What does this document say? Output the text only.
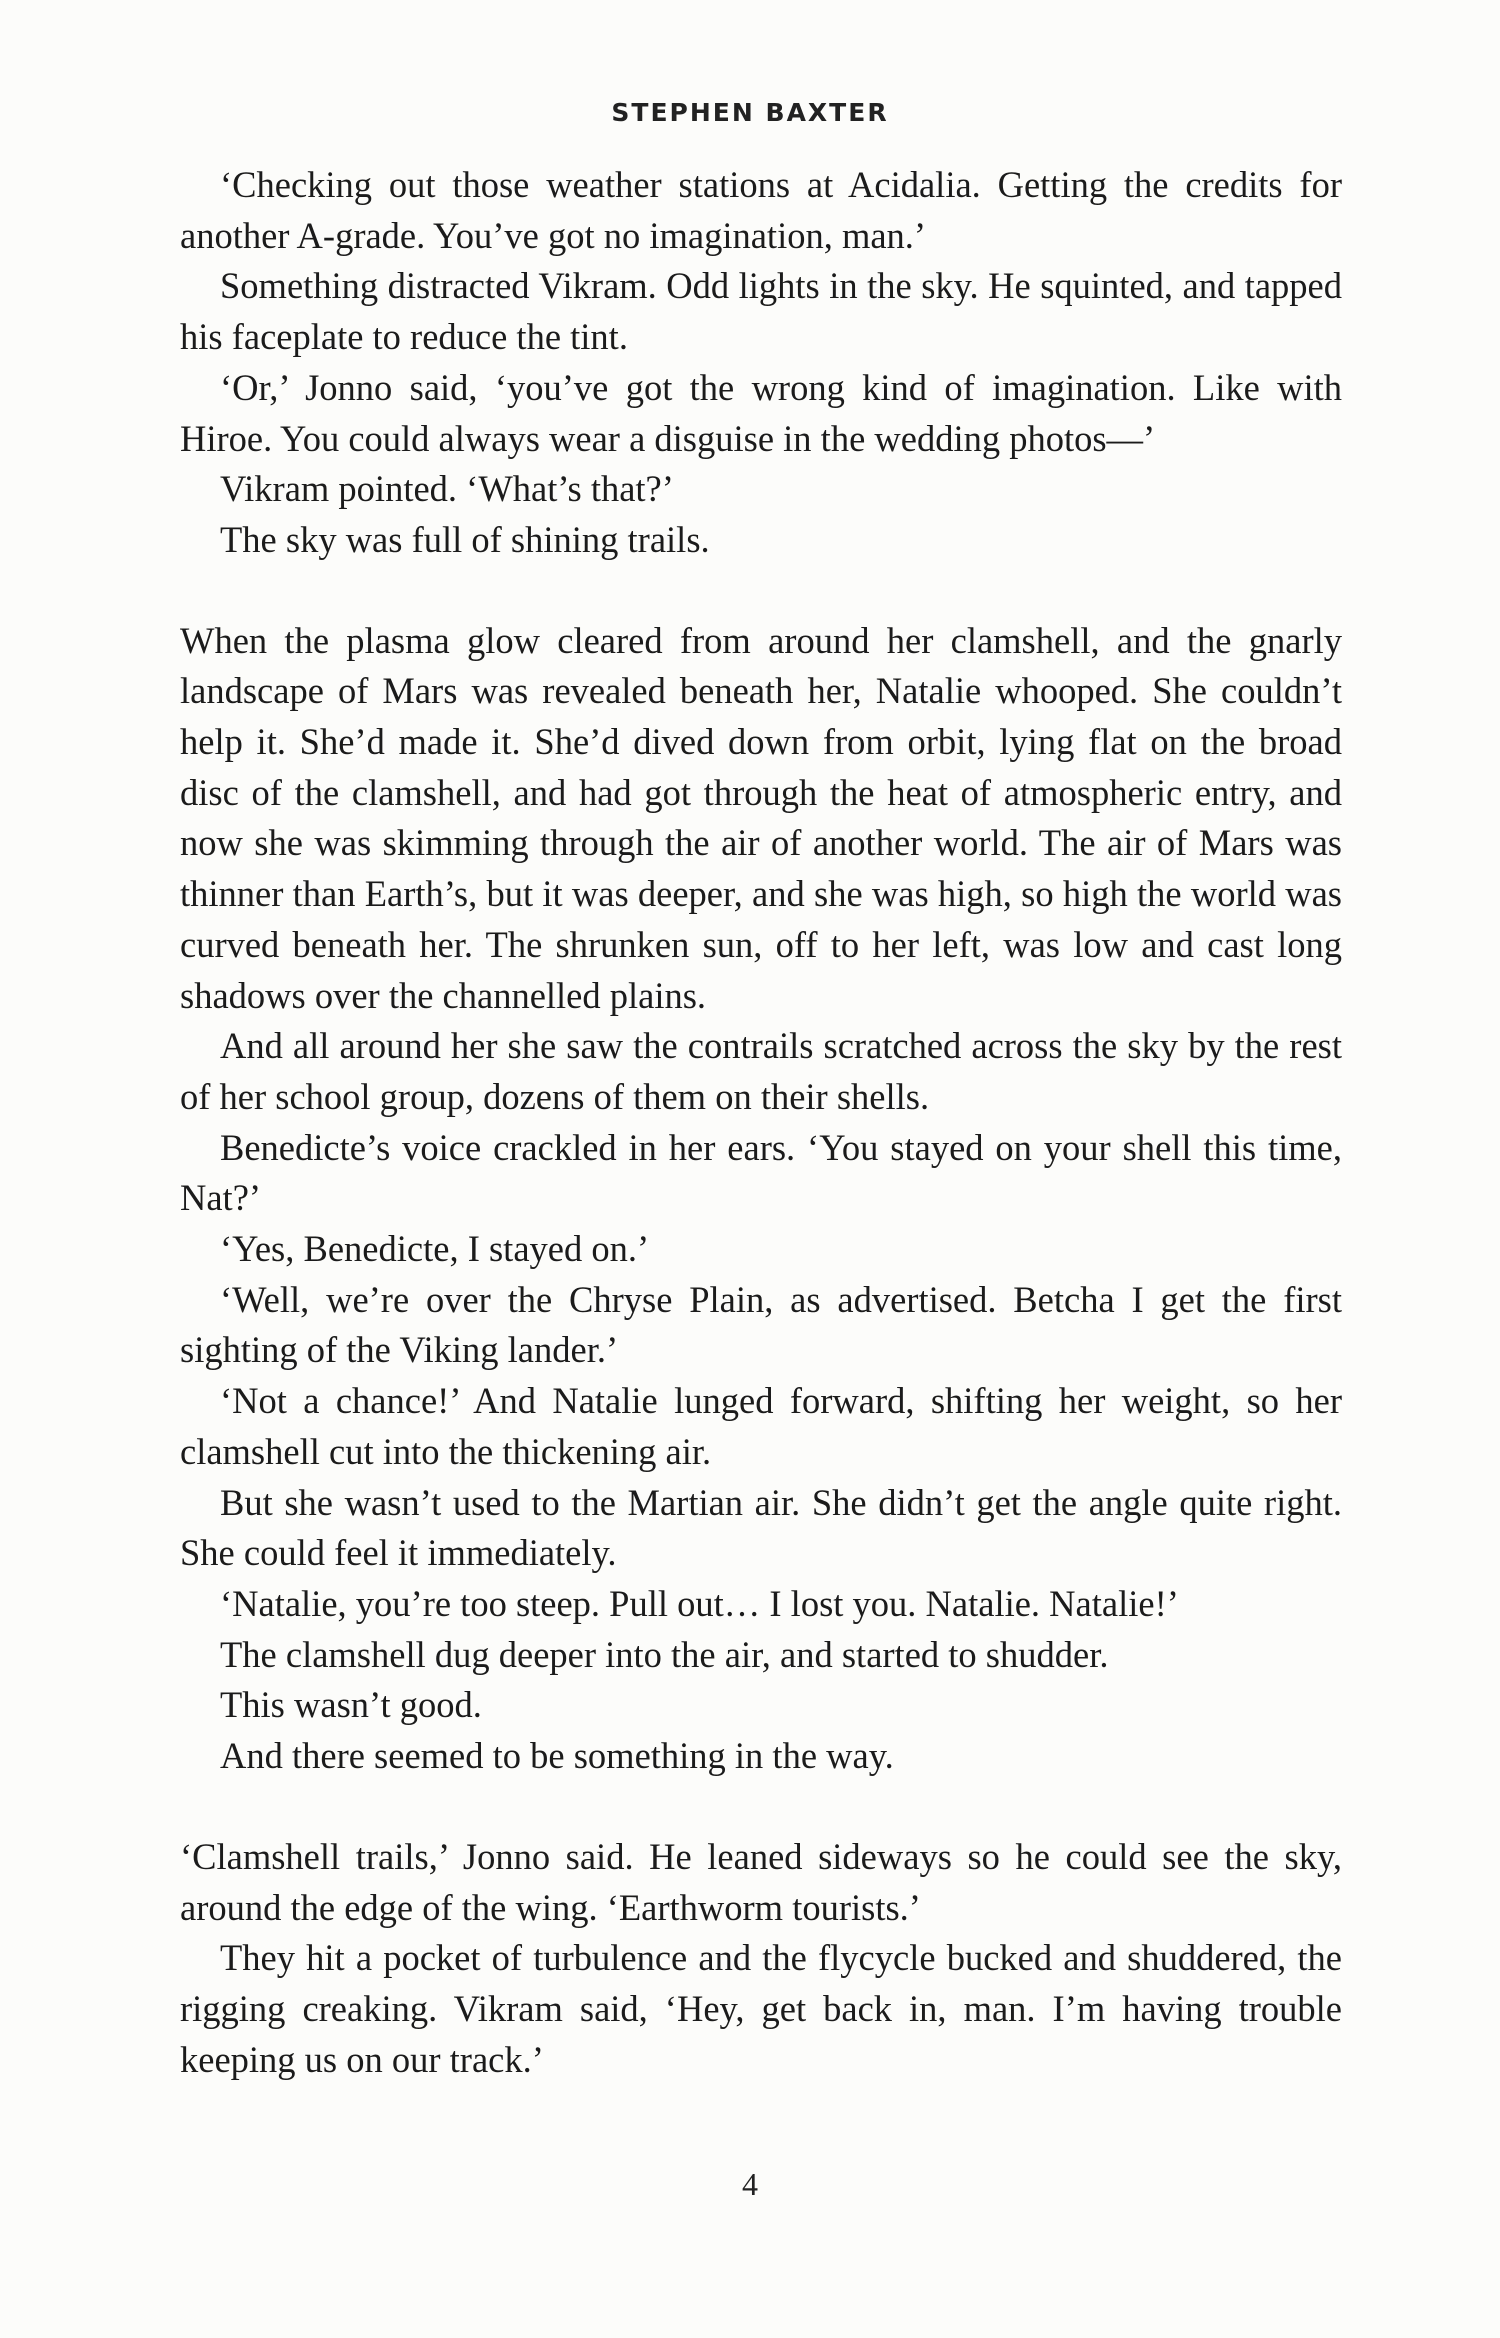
STEPHEN BAXTER

‘Checking out those weather stations at Acidalia. Getting the credits for another A-grade. You’ve got no imagination, man.’

Something distracted Vikram. Odd lights in the sky. He squinted, and tapped his faceplate to reduce the tint.

‘Or,’ Jonno said, ‘you’ve got the wrong kind of imagination. Like with Hiroe. You could always wear a disguise in the wedding photos—’

Vikram pointed. ‘What’s that?’

The sky was full of shining trails.

When the plasma glow cleared from around her clamshell, and the gnarly landscape of Mars was revealed beneath her, Natalie whooped. She couldn’t help it. She’d made it. She’d dived down from orbit, lying flat on the broad disc of the clamshell, and had got through the heat of atmospheric entry, and now she was skimming through the air of another world. The air of Mars was thinner than Earth’s, but it was deeper, and she was high, so high the world was curved beneath her. The shrunken sun, off to her left, was low and cast long shadows over the channelled plains.

And all around her she saw the contrails scratched across the sky by the rest of her school group, dozens of them on their shells.

Benedicte’s voice crackled in her ears. ‘You stayed on your shell this time, Nat?’

‘Yes, Benedicte, I stayed on.’

‘Well, we’re over the Chryse Plain, as advertised. Betcha I get the first sighting of the Viking lander.’

‘Not a chance!’ And Natalie lunged forward, shifting her weight, so her clamshell cut into the thickening air.

But she wasn’t used to the Martian air. She didn’t get the angle quite right. She could feel it immediately.

‘Natalie, you’re too steep. Pull out… I lost you. Natalie. Natalie!’

The clamshell dug deeper into the air, and started to shudder.

This wasn’t good.

And there seemed to be something in the way.

‘Clamshell trails,’ Jonno said. He leaned sideways so he could see the sky, around the edge of the wing. ‘Earthworm tourists.’

They hit a pocket of turbulence and the flycycle bucked and shuddered, the rigging creaking. Vikram said, ‘Hey, get back in, man. I’m having trouble keeping us on our track.’

4
